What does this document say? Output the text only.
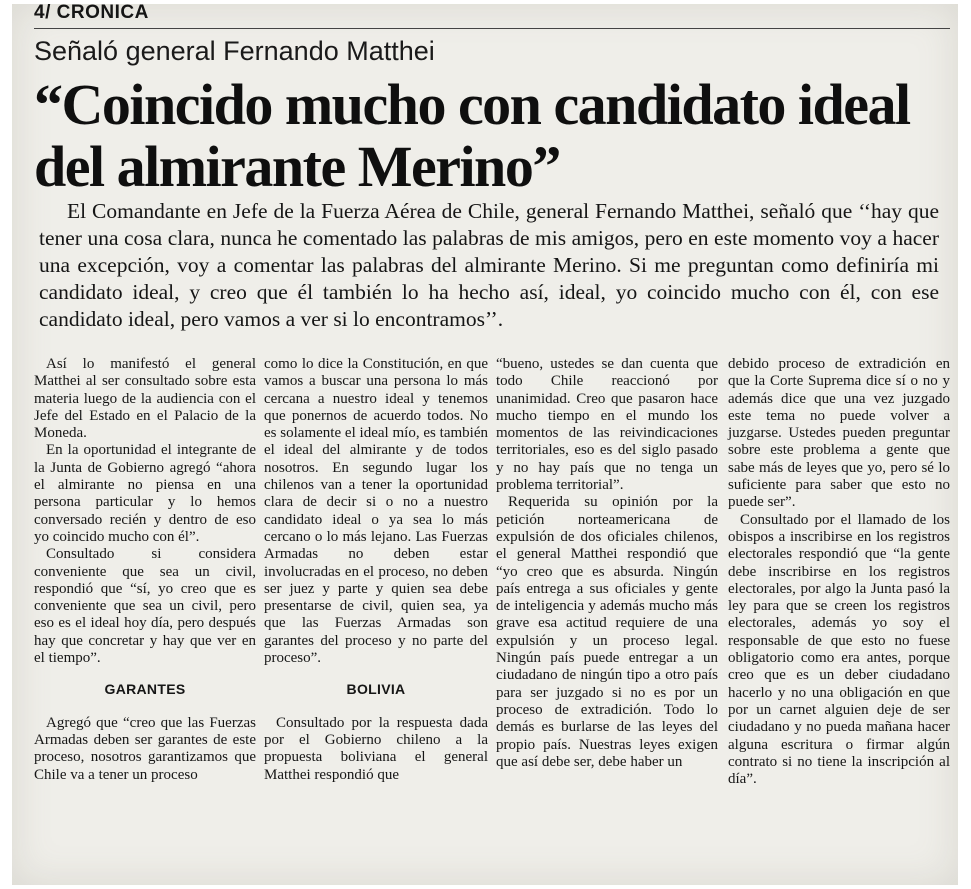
4/ CRONICA
Señaló general Fernando Matthei
“Coincido mucho con candidato ideal del almirante Merino”

El Comandante en Jefe de la Fuerza Aérea de Chile, general Fernando Matthei, señaló que ‘‘hay que tener una cosa clara, nunca he comentado las palabras de mis amigos, pero en este momento voy a hacer una excepción, voy a comentar las palabras del almirante Merino. Si me preguntan como definiría mi candidato ideal, y creo que él también lo ha hecho así, ideal, yo coincido mucho con él, con ese candidato ideal, pero vamos a ver si lo encontramos’’.

Así lo manifestó el general Matthei al ser consultado sobre esta materia luego de la audiencia con el Jefe del Estado en el Palacio de la Moneda.

En la oportunidad el integrante de la Junta de Gobierno agregó “ahora el almirante no piensa en una persona particular y lo hemos conversado recién y dentro de eso yo coincido mucho con él”.

Consultado si considera conveniente que sea un civil, respondió que “sí, yo creo que es conveniente que sea un civil, pero eso es el ideal hoy día, pero después hay que concretar y hay que ver en el tiempo”.

GARANTES

Agregó que “creo que las Fuerzas Armadas deben ser garantes de este proceso, nosotros garantizamos que Chile va a tener un proceso

como lo dice la Constitución, en que vamos a buscar una persona lo más cercana a nuestro ideal y tenemos que ponernos de acuerdo todos. No es solamente el ideal mío, es también el ideal del almirante y de todos nosotros. En segundo lugar los chilenos van a tener la oportunidad clara de decir si o no a nuestro candidato ideal o ya sea lo más cercano o lo más lejano. Las Fuerzas Armadas no deben estar involucradas en el proceso, no deben ser juez y parte y quien sea debe presentarse de civil, quien sea, ya que las Fuerzas Armadas son garantes del proceso y no parte del proceso”.

BOLIVIA

Consultado por la respuesta dada por el Gobierno chileno a la propuesta boliviana el general Matthei respondió que

“bueno, ustedes se dan cuenta que todo Chile reaccionó por unanimidad. Creo que pasaron hace mucho tiempo en el mundo los momentos de las reivindicaciones territoriales, eso es del siglo pasado y no hay país que no tenga un problema territorial”.

Requerida su opinión por la petición norteamericana de expulsión de dos oficiales chilenos, el general Matthei respondió que “yo creo que es absurda. Ningún país entrega a sus oficiales y gente de inteligencia y además mucho más grave esa actitud requiere de una expulsión y un proceso legal. Ningún país puede entregar a un ciudadano de ningún tipo a otro país para ser juzgado si no es por un proceso de extradición. Todo lo demás es burlarse de las leyes del propio país. Nuestras leyes exigen que así debe ser, debe haber un

debido proceso de extradición en que la Corte Suprema dice sí o no y además dice que una vez juzgado este tema no puede volver a juzgarse. Ustedes pueden preguntar sobre este problema a gente que sabe más de leyes que yo, pero sé lo suficiente para saber que esto no puede ser”.

Consultado por el llamado de los obispos a inscribirse en los registros electorales respondió que “la gente debe inscribirse en los registros electorales, por algo la Junta pasó la ley para que se creen los registros electorales, además yo soy el responsable de que esto no fuese obligatorio como era antes, porque creo que es un deber ciudadano hacerlo y no una obligación en que por un carnet alguien deje de ser ciudadano y no pueda mañana hacer alguna escritura o firmar algún contrato si no tiene la inscripción al día”.
